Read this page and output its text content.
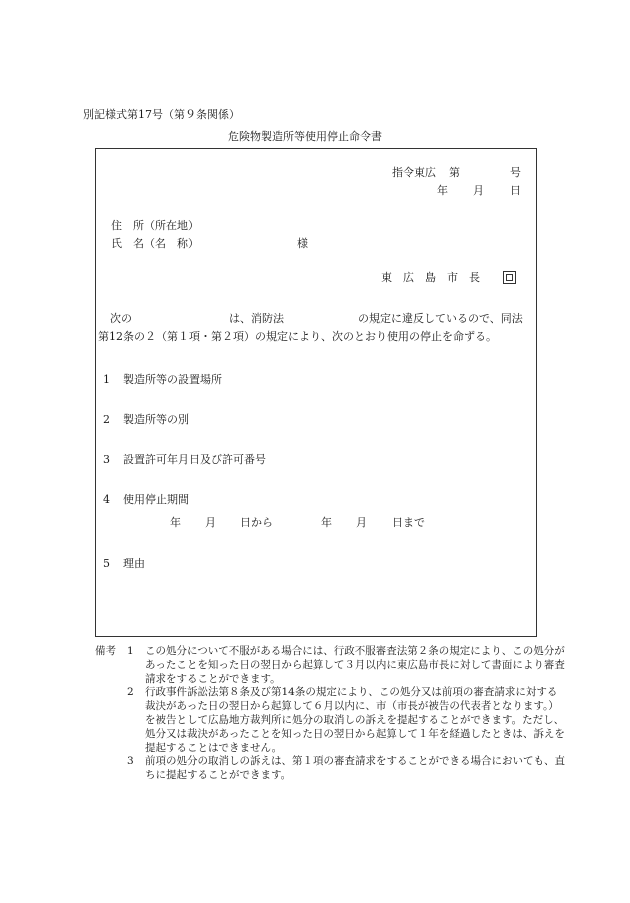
別記様式第17号（第９条関係）
危険物製造所等使用停止命令書
指令東広 第	号
年 月 日
住　所（所在地）
氏　名（名　称）	様
東　広　島　市　長
次の	は、消防法	の規定に違反しているので、同法
第12条の２（第１項・第２項）の規定により、次のとおり使用の停止を命ずる。
1 製造所等の設置場所
2 製造所等の別
3 設置許可年月日及び許可番号
4 使用停止期間
年 月 日から	年 月 日まで
5 理由
備考	1	この処分について不服がある場合には、行政不服審査法第２条の規定により、この処分があったことを知った日の翌日から起算して３月以内に東広島市長に対して書面により審査請求をすることができます。
2	行政事件訴訟法第８条及び第14条の規定により、この処分又は前項の審査請求に対する裁決があった日の翌日から起算して６月以内に、市（市長が被告の代表者となります。）を被告として広島地方裁判所に処分の取消しの訴えを提起することができます。ただし、処分又は裁決があったことを知った日の翌日から起算して１年を経過したときは、訴えを提起することはできません。
3	前項の処分の取消しの訴えは、第１項の審査請求をすることができる場合においても、直ちに提起することができます。
